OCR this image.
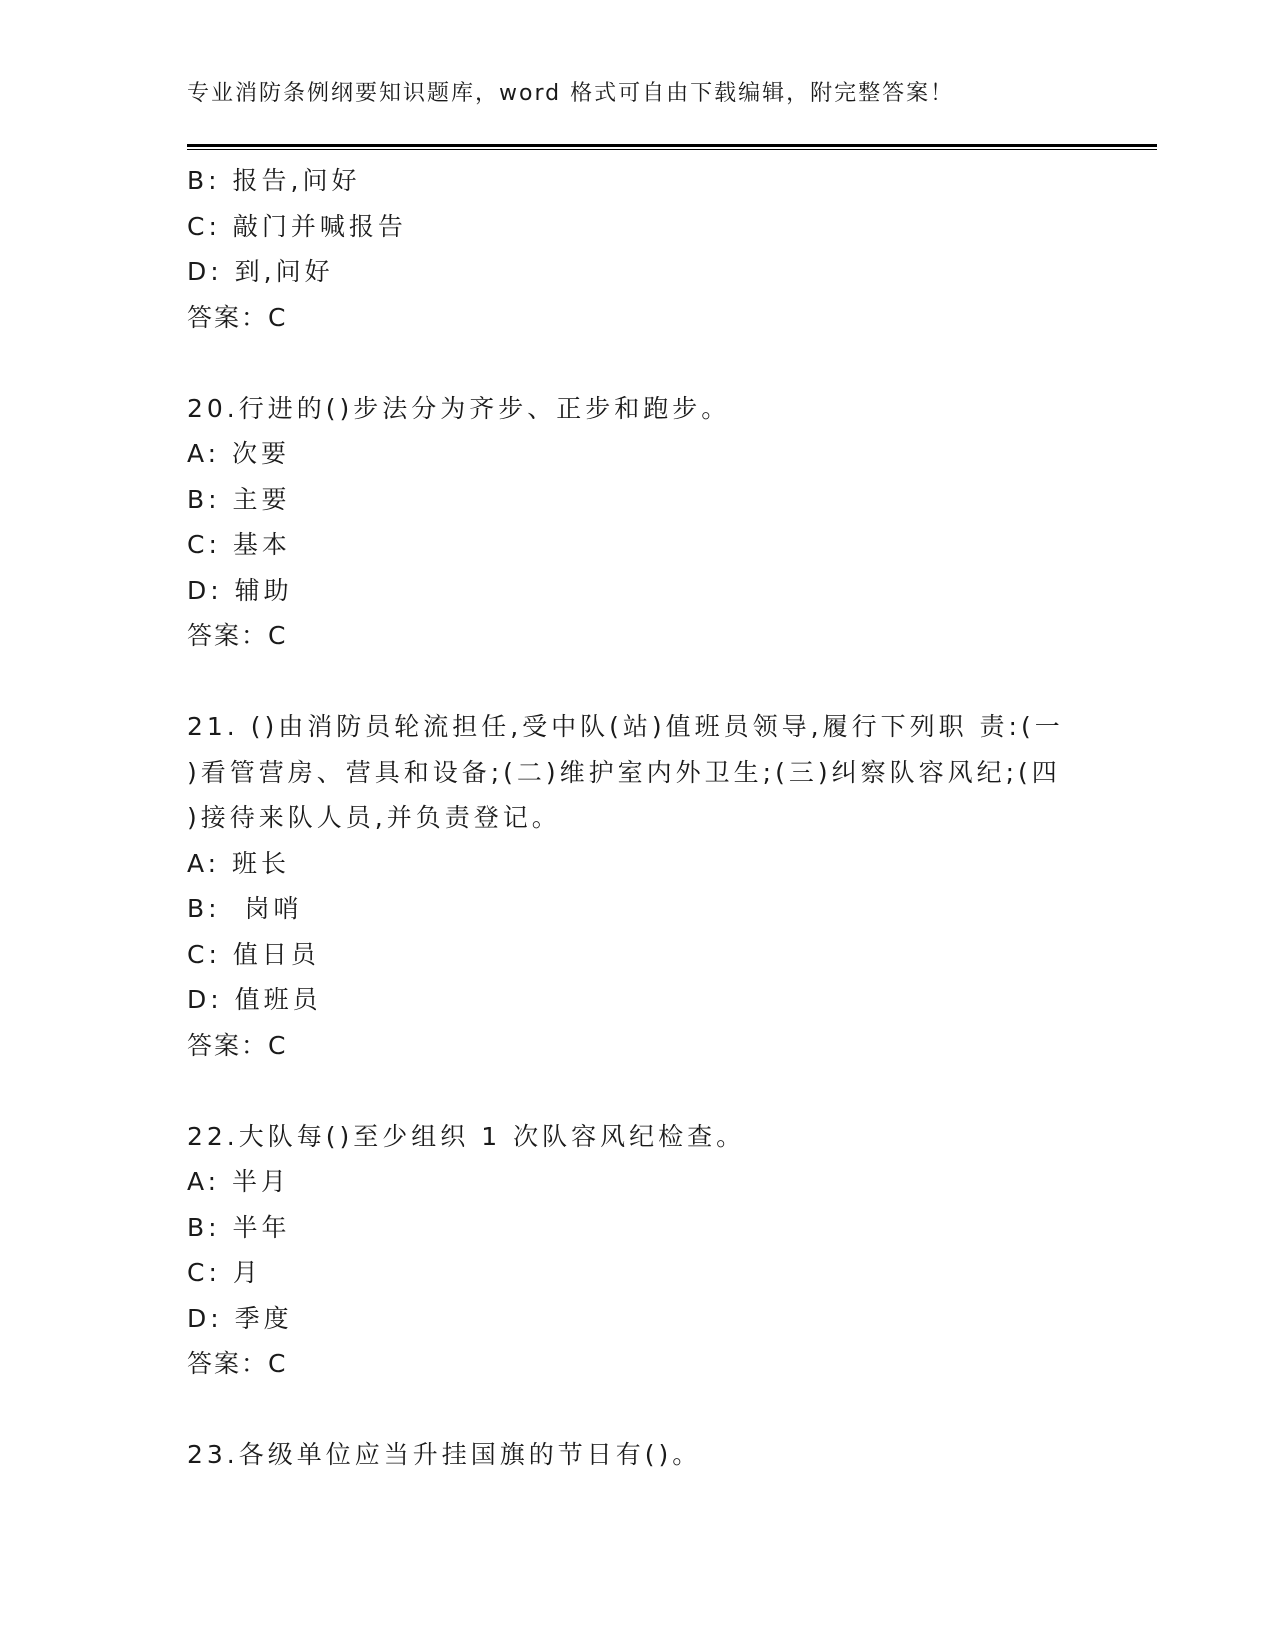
专业消防条例纲要知识题库，word 格式可自由下载编辑，附完整答案！
B: 报告,问好
C: 敲门并喊报告
D: 到,问好
答案：C
20.行进的()步法分为齐步、正步和跑步。
A: 次要
B: 主要
C: 基本
D: 辅助
答案：C
21. ()由消防员轮流担任,受中队(站)值班员领导,履行下列职 责:(一
)看管营房、营具和设备;(二)维护室内外卫生;(三)纠察队容风纪;(四
)接待来队人员,并负责登记。
A: 班长
B:  岗哨
C: 值日员
D: 值班员
答案：C
22.大队每()至少组织 1 次队容风纪检查。
A: 半月
B: 半年
C: 月
D: 季度
答案：C
23.各级单位应当升挂国旗的节日有()。
